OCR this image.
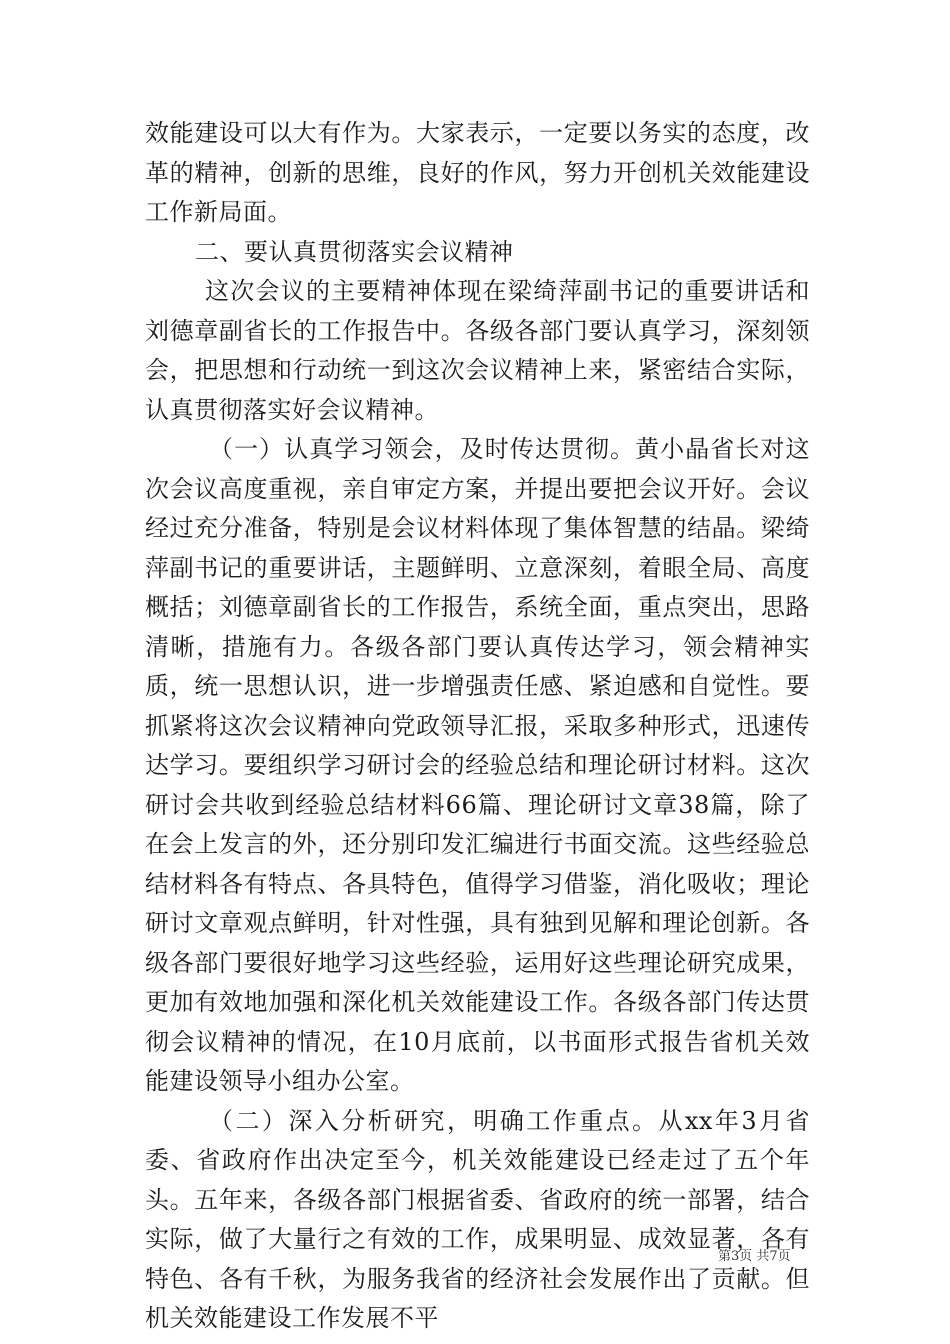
效能建设可以大有作为。大家表示，一定要以务实的态度，改革的精神，创新的思维，良好的作风，努力开创机关效能建设工作新局面。

二、要认真贯彻落实会议精神

这次会议的主要精神体现在梁绮萍副书记的重要讲话和刘德章副省长的工作报告中。各级各部门要认真学习，深刻领会，把思想和行动统一到这次会议精神上来，紧密结合实际，认真贯彻落实好会议精神。

（一）认真学习领会，及时传达贯彻。黄小晶省长对这次会议高度重视，亲自审定方案，并提出要把会议开好。会议经过充分准备，特别是会议材料体现了集体智慧的结晶。梁绮萍副书记的重要讲话，主题鲜明、立意深刻，着眼全局、高度概括；刘德章副省长的工作报告，系统全面，重点突出，思路清晰，措施有力。各级各部门要认真传达学习，领会精神实质，统一思想认识，进一步增强责任感、紧迫感和自觉性。要抓紧将这次会议精神向党政领导汇报，采取多种形式，迅速传达学习。要组织学习研讨会的经验总结和理论研讨材料。这次研讨会共收到经验总结材料66篇、理论研讨文章38篇，除了在会上发言的外，还分别印发汇编进行书面交流。这些经验总结材料各有特点、各具特色，值得学习借鉴，消化吸收；理论研讨文章观点鲜明，针对性强，具有独到见解和理论创新。各级各部门要很好地学习这些经验，运用好这些理论研究成果，更加有效地加强和深化机关效能建设工作。各级各部门传达贯彻会议精神的情况，在10月底前，以书面形式报告省机关效能建设领导小组办公室。

（二）深入分析研究，明确工作重点。从xx年3月省委、省政府作出决定至今，机关效能建设已经走过了五个年头。五年来，各级各部门根据省委、省政府的统一部署，结合实际，做了大量行之有效的工作，成果明显、成效显著，各有特色、各有千秋，为服务我省的经济社会发展作出了贡献。但机关效能建设工作发展不平

第3页 共7页
